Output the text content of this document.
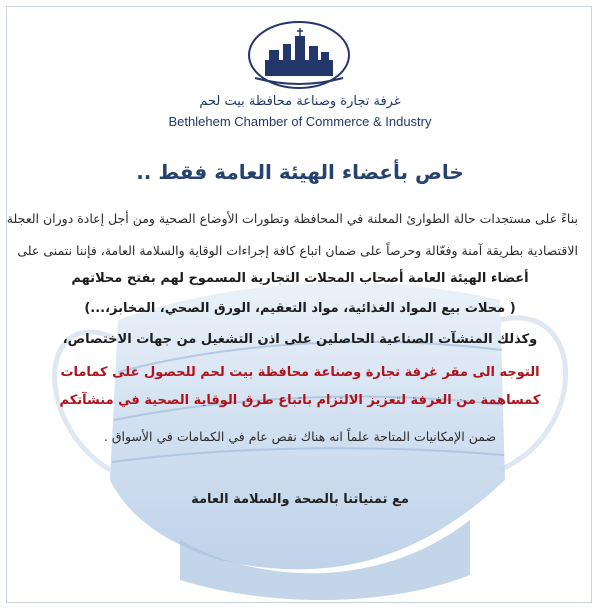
غرفة تجارة وصناعة محافظة بيت لحم
Bethlehem Chamber of Commerce & Industry
خاص بأعضاء الهيئة العامة فقط ..
بناءً على مستجدات حالة الطوارئ المعلنة في المحافظة وتطورات الأوضاع الصحية ومن أجل إعادة دوران العجلة
الاقتصادية بطريقة آمنة وفعّالة وحرصاً على ضمان اتباع كافة إجراءات الوقاية والسلامة العامة، فإننا نتمنى على
أعضاء الهيئة العامة أصحاب المحلات التجارية المسموح لهم بفتح محلاتهم
( محلات بيع المواد الغذائية، مواد التعقيم، الورق الصحي، المخابز،...)
وكذلك المنشآت الصناعية الحاصلين على اذن التشغيل من جهات الاختصاص،
التوجه الى مقر غرفة تجارة وصناعة محافظة بيت لحم للحصول على كمامات
كمساهمة من الغرفة لتعزيز الالتزام باتباع طرق الوقاية الصحية في منشآتكم
ضمن الإمكانيات المتاحة علماً انه هناك نقص عام في الكمامات في الأسواق .
مع تمنياتنا بالصحة والسلامة العامة
